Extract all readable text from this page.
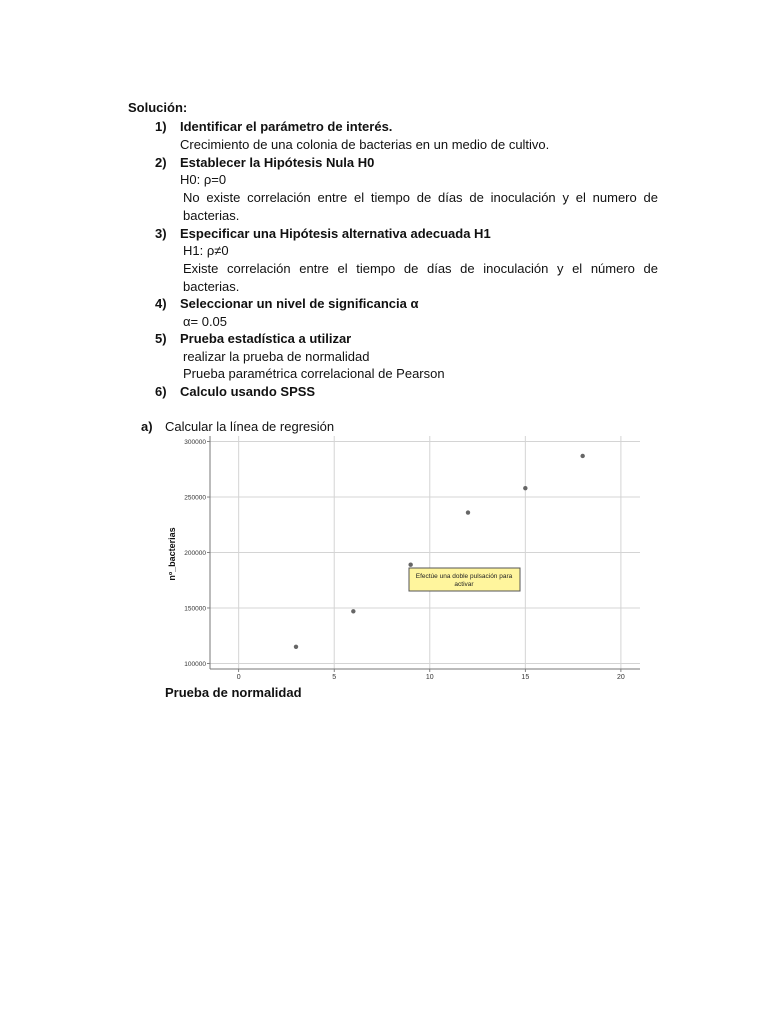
Solución:
1) Identificar el parámetro de interés.
Crecimiento de una colonia de bacterias en un medio de cultivo.
2) Establecer la Hipótesis Nula H0
H0: ρ=0
No existe correlación entre el tiempo de días de inoculación y el numero de
bacterias.
3) Especificar una Hipótesis alternativa adecuada H1
H1: ρ≠0
Existe correlación entre el tiempo de días de inoculación y el número de
bacterias.
4) Seleccionar un nivel de significancia α
α= 0.05
5) Prueba estadística a utilizar
realizar la prueba de normalidad
Prueba paramétrica correlacional de Pearson
6) Calculo usando SPSS
a) Calcular la línea de regresión
0	5	10	15	20
100000
150000
200000
250000
300000
nº_bacterias	Efectúe una doble pulsación para
activar
Prueba de normalidad
